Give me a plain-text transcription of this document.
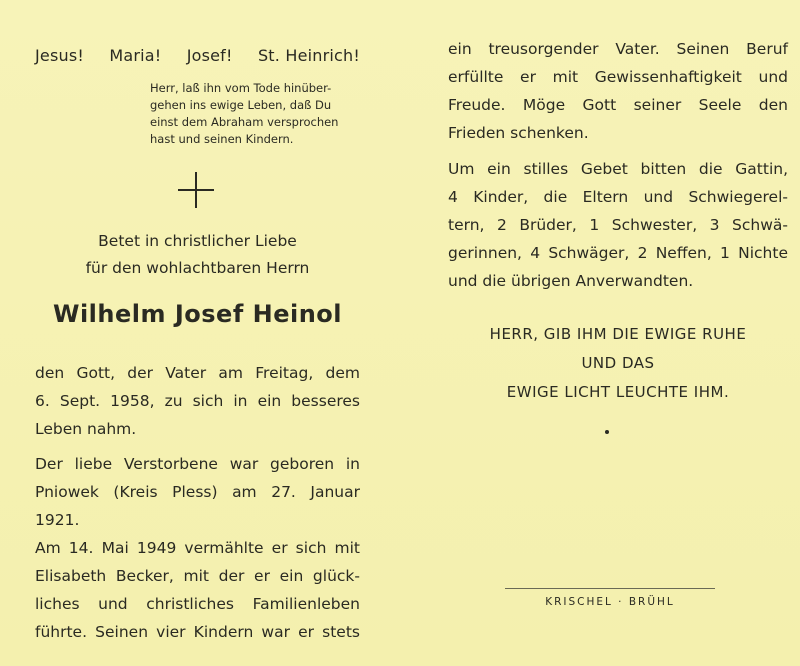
Jesus! Maria! Josef! St. Heinrich!
Herr, laß ihn vom Tode hinüber-
gehen ins ewige Leben, daß Du
einst dem Abraham versprochen
hast und seinen Kindern.
Betet in christlicher Liebe
für den wohlachtbaren Herrn
Wilhelm Josef Heinol
den Gott, der Vater am Freitag, dem
6. Sept. 1958, zu sich in ein besseres
Leben nahm.
Der liebe Verstorbene war geboren in
Pniowek (Kreis Pless) am 27. Januar 1921.
Am 14. Mai 1949 vermählte er sich mit
Elisabeth Becker, mit der er ein glück-
liches und christliches Familienleben
führte. Seinen vier Kindern war er stets
ein treusorgender Vater. Seinen Beruf
erfüllte er mit Gewissenhaftigkeit und
Freude. Möge Gott seiner Seele den
Frieden schenken.
Um ein stilles Gebet bitten die Gattin,
4 Kinder, die Eltern und Schwiegerel-
tern, 2 Brüder, 1 Schwester, 3 Schwä-
gerinnen, 4 Schwäger, 2 Neffen, 1 Nichte
und die übrigen Anverwandten.
HERR, GIB IHM DIE EWIGE RUHE
UND DAS
EWIGE LICHT LEUCHTE IHM.
KRISCHEL · BRÜHL
